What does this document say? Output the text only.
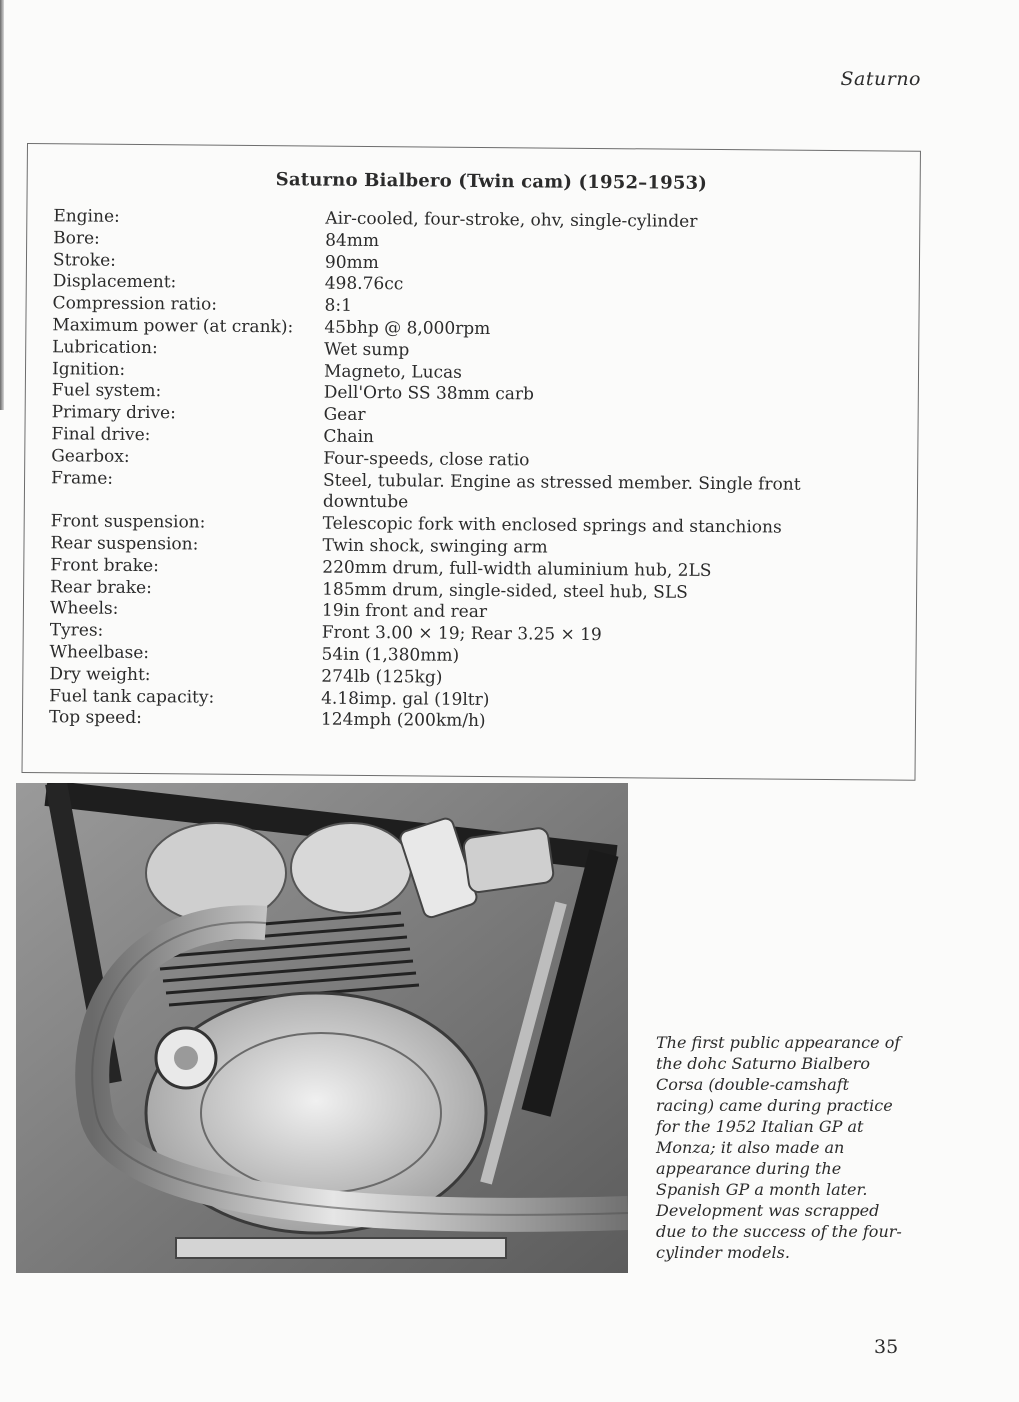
Saturno
Saturno Bialbero (Twin cam) (1952–1953)
Engine:
Bore:
Stroke:
Displacement:
Compression ratio:
Maximum power (at crank):
Lubrication:
Ignition:
Fuel system:
Primary drive:
Final drive:
Gearbox:
Frame:
Front suspension:
Rear suspension:
Front brake:
Rear brake:
Wheels:
Tyres:
Wheelbase:
Dry weight:
Fuel tank capacity:
Top speed:
Air-cooled, four-stroke, ohv, single-cylinder
84mm
90mm
498.76cc
8:1
45bhp @ 8,000rpm
Wet sump
Magneto, Lucas
Dell'Orto SS 38mm carb
Gear
Chain
Four-speeds, close ratio
Steel, tubular. Engine as stressed member. Single front downtube
Telescopic fork with enclosed springs and stanchions
Twin shock, swinging arm
220mm drum, full-width aluminium hub, 2LS
185mm drum, single-sided, steel hub, SLS
19in front and rear
Front 3.00 × 19; Rear 3.25 × 19
54in (1,380mm)
274lb (125kg)
4.18imp. gal (19ltr)
124mph (200km/h)

The first public appearance of the dohc Saturno Bialbero Corsa (double-camshaft racing) came during practice for the 1952 Italian GP at Monza; it also made an appearance during the Spanish GP a month later. Development was scrapped due to the success of the four-cylinder models.

35
